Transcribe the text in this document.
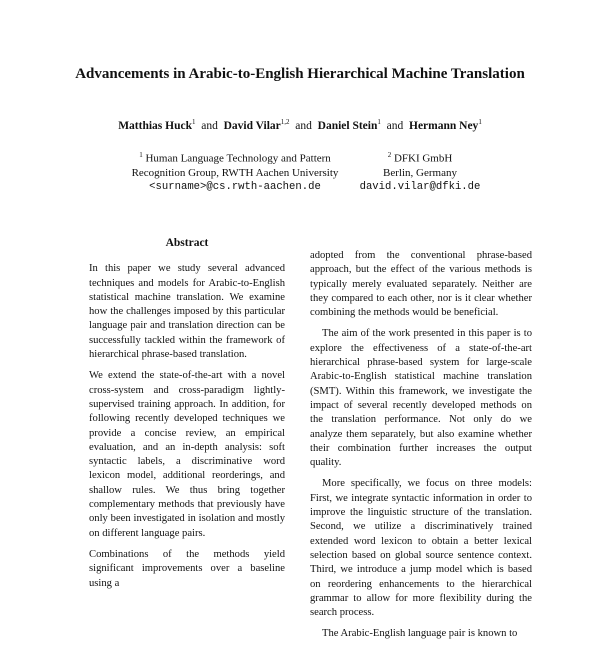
Advancements in Arabic-to-English Hierarchical Machine Translation
Matthias Huck$^1$ and David Vilar$^{1,2}$ and Daniel Stein$^1$ and Hermann Ney$^1$
$^1$ Human Language Technology and Pattern
Recognition Group, RWTH Aachen University
<surname>@cs.rwth-aachen.de
$^2$ DFKI GmbH
Berlin, Germany
david.vilar@dfki.de
Abstract

In this paper we study several advanced techniques and models for Arabic-to-English statistical machine translation. We examine how the challenges imposed by this particular language pair and translation direction can be successfully tackled within the framework of hierarchical phrase-based translation.

We extend the state-of-the-art with a novel cross-system and cross-paradigm lightly-supervised training approach. In addition, for following recently developed techniques we provide a concise review, an empirical evaluation, and an in-depth analysis: soft syntactic labels, a discriminative word lexicon model, additional reorderings, and shallow rules. We thus bring together complementary methods that previously have only been investigated in isolation and mostly on different language pairs.

Combinations of the methods yield significant improvements over a baseline using a

adopted from the conventional phrase-based approach, but the effect of the various methods is typically merely evaluated separately. Neither are they compared to each other, nor is it clear whether combining the methods would be beneficial.

The aim of the work presented in this paper is to explore the effectiveness of a state-of-the-art hierarchical phrase-based system for large-scale Arabic-to-English statistical machine translation (SMT). Within this framework, we investigate the impact of several recently developed methods on the translation performance. Not only do we analyze them separately, but also examine whether their combination further increases the output quality.

More specifically, we focus on three models: First, we integrate syntactic information in order to improve the linguistic structure of the translation. Second, we utilize a discriminatively trained extended word lexicon to obtain a better lexical selection based on global source sentence context. Third, we introduce a jump model which is based on reordering enhancements to the hierarchical grammar to allow for more flexibility during the search process.

The Arabic-English language pair is known to
